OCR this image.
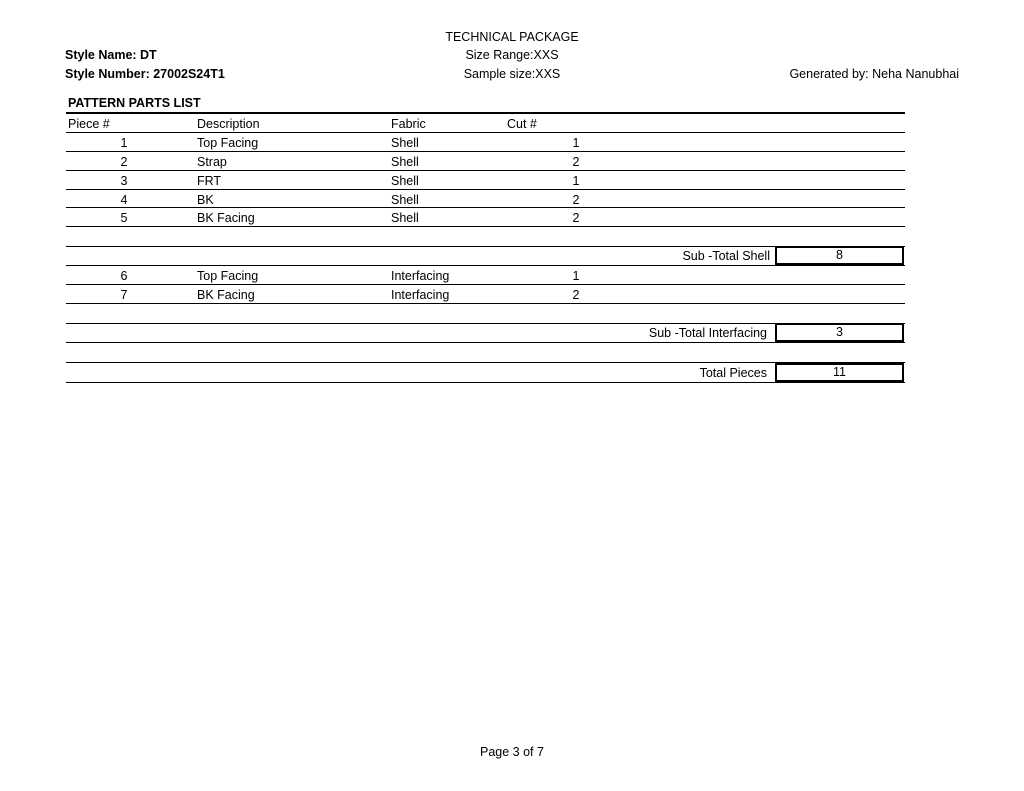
TECHNICAL PACKAGE
Size Range:XXS
Sample size:XXS
Style Name: DT
Style Number: 27002S24T1	Generated by: Neha Nanubhai
PATTERN PARTS LIST
Piece #	Description	Fabric	Cut #
1	Top Facing	Shell	1
2	Strap	Shell	2
3	FRT	Shell	1
4	BK	Shell	2
5	BK Facing	Shell	2
Sub -Total Shell	8
6	Top Facing	Interfacing	1
7	BK Facing	Interfacing	2
Sub -Total Interfacing	3
Total Pieces	11
Page 3 of 7
